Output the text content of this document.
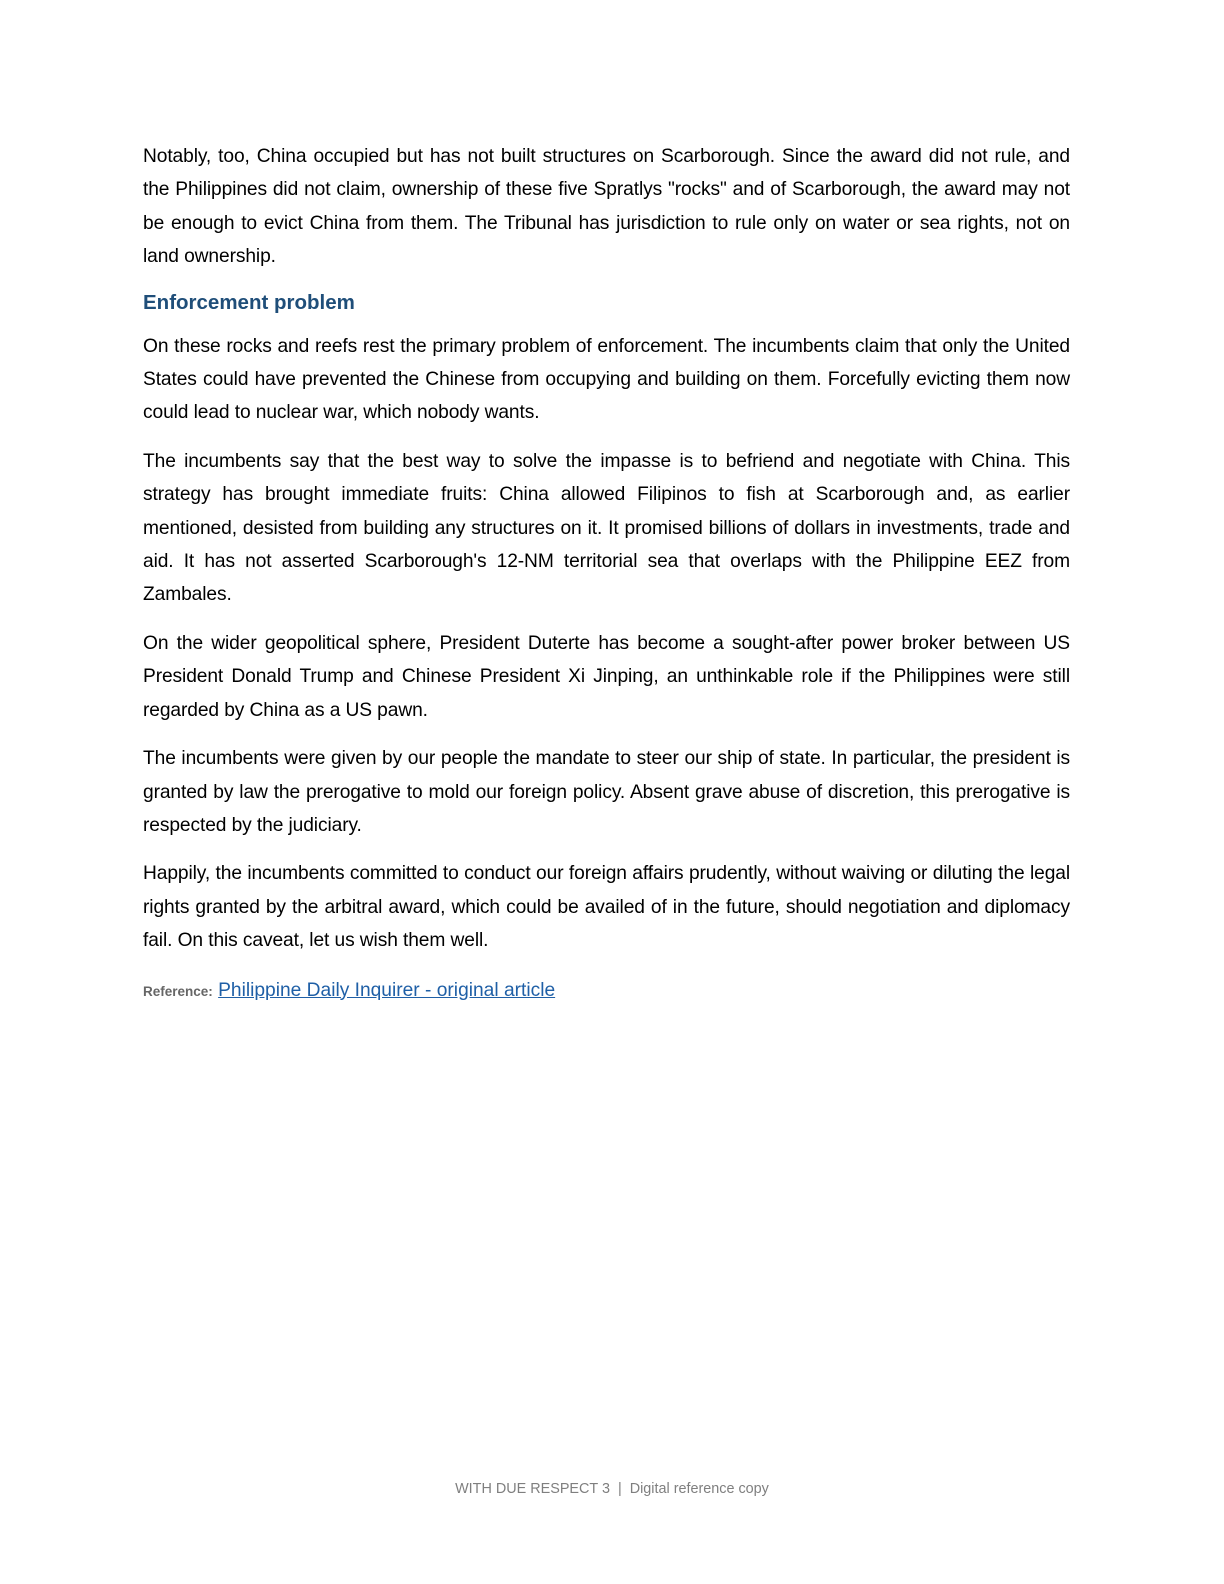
Notably, too, China occupied but has not built structures on Scarborough. Since the award did not rule, and the Philippines did not claim, ownership of these five Spratlys "rocks" and of Scarborough, the award may not be enough to evict China from them. The Tribunal has jurisdiction to rule only on water or sea rights, not on land ownership.

Enforcement problem

On these rocks and reefs rest the primary problem of enforcement. The incumbents claim that only the United States could have prevented the Chinese from occupying and building on them. Forcefully evicting them now could lead to nuclear war, which nobody wants.

The incumbents say that the best way to solve the impasse is to befriend and negotiate with China. This strategy has brought immediate fruits: China allowed Filipinos to fish at Scarborough and, as earlier mentioned, desisted from building any structures on it. It promised billions of dollars in investments, trade and aid. It has not asserted Scarborough's 12-NM territorial sea that overlaps with the Philippine EEZ from Zambales.

On the wider geopolitical sphere, President Duterte has become a sought-after power broker between US President Donald Trump and Chinese President Xi Jinping, an unthinkable role if the Philippines were still regarded by China as a US pawn.

The incumbents were given by our people the mandate to steer our ship of state. In particular, the president is granted by law the prerogative to mold our foreign policy. Absent grave abuse of discretion, this prerogative is respected by the judiciary.

Happily, the incumbents committed to conduct our foreign affairs prudently, without waiving or diluting the legal rights granted by the arbitral award, which could be availed of in the future, should negotiation and diplomacy fail. On this caveat, let us wish them well.

Reference: Philippine Daily Inquirer - original article
WITH DUE RESPECT 3 | Digital reference copy
